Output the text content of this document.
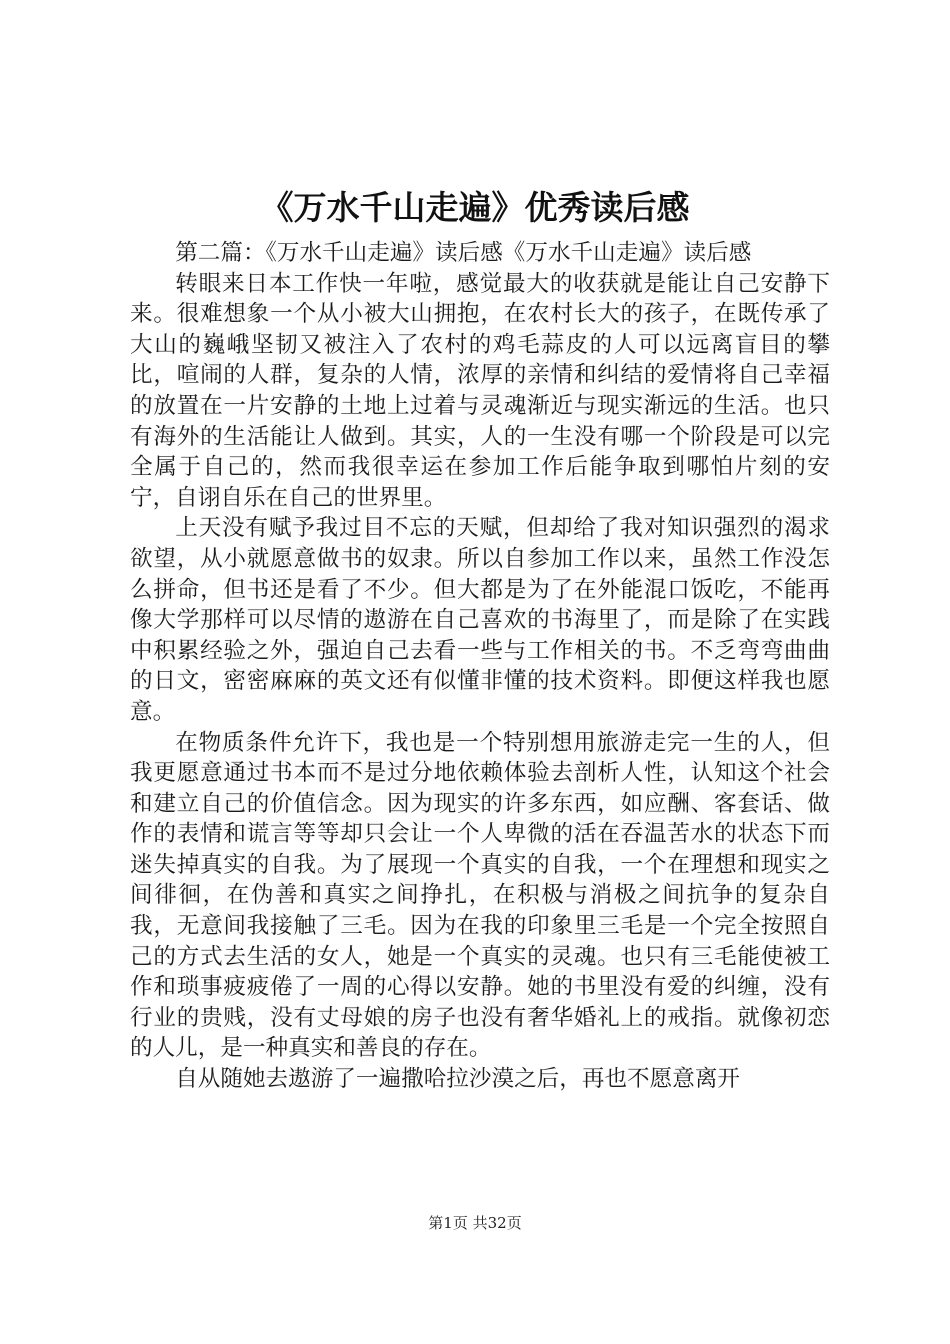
《万水千山走遍》优秀读后感

第二篇：《万水千山走遍》读后感《万水千山走遍》读后感

转眼来日本工作快一年啦，感觉最大的收获就是能让自己安静下来。很难想象一个从小被大山拥抱，在农村长大的孩子，在既传承了大山的巍峨坚韧又被注入了农村的鸡毛蒜皮的人可以远离盲目的攀比，喧闹的人群，复杂的人情，浓厚的亲情和纠结的爱情将自己幸福的放置在一片安静的土地上过着与灵魂渐近与现实渐远的生活。也只有海外的生活能让人做到。其实，人的一生没有哪一个阶段是可以完全属于自己的，然而我很幸运在参加工作后能争取到哪怕片刻的安宁，自诩自乐在自己的世界里。

上天没有赋予我过目不忘的天赋，但却给了我对知识强烈的渴求欲望，从小就愿意做书的奴隶。所以自参加工作以来，虽然工作没怎么拼命，但书还是看了不少。但大都是为了在外能混口饭吃，不能再像大学那样可以尽情的遨游在自己喜欢的书海里了，而是除了在实践中积累经验之外，强迫自己去看一些与工作相关的书。不乏弯弯曲曲的日文，密密麻麻的英文还有似懂非懂的技术资料。即便这样我也愿意。

在物质条件允许下，我也是一个特别想用旅游走完一生的人，但我更愿意通过书本而不是过分地依赖体验去剖析人性，认知这个社会和建立自己的价值信念。因为现实的许多东西，如应酬、客套话、做作的表情和谎言等等却只会让一个人卑微的活在吞温苦水的状态下而迷失掉真实的自我。为了展现一个真实的自我，一个在理想和现实之间徘徊，在伪善和真实之间挣扎，在积极与消极之间抗争的复杂自我，无意间我接触了三毛。因为在我的印象里三毛是一个完全按照自己的方式去生活的女人，她是一个真实的灵魂。也只有三毛能使被工作和琐事疲疲倦了一周的心得以安静。她的书里没有爱的纠缠，没有行业的贵贱，没有丈母娘的房子也没有奢华婚礼上的戒指。就像初恋的人儿，是一种真实和善良的存在。

自从随她去遨游了一遍撒哈拉沙漠之后，再也不愿意离开

第1页 共32页
